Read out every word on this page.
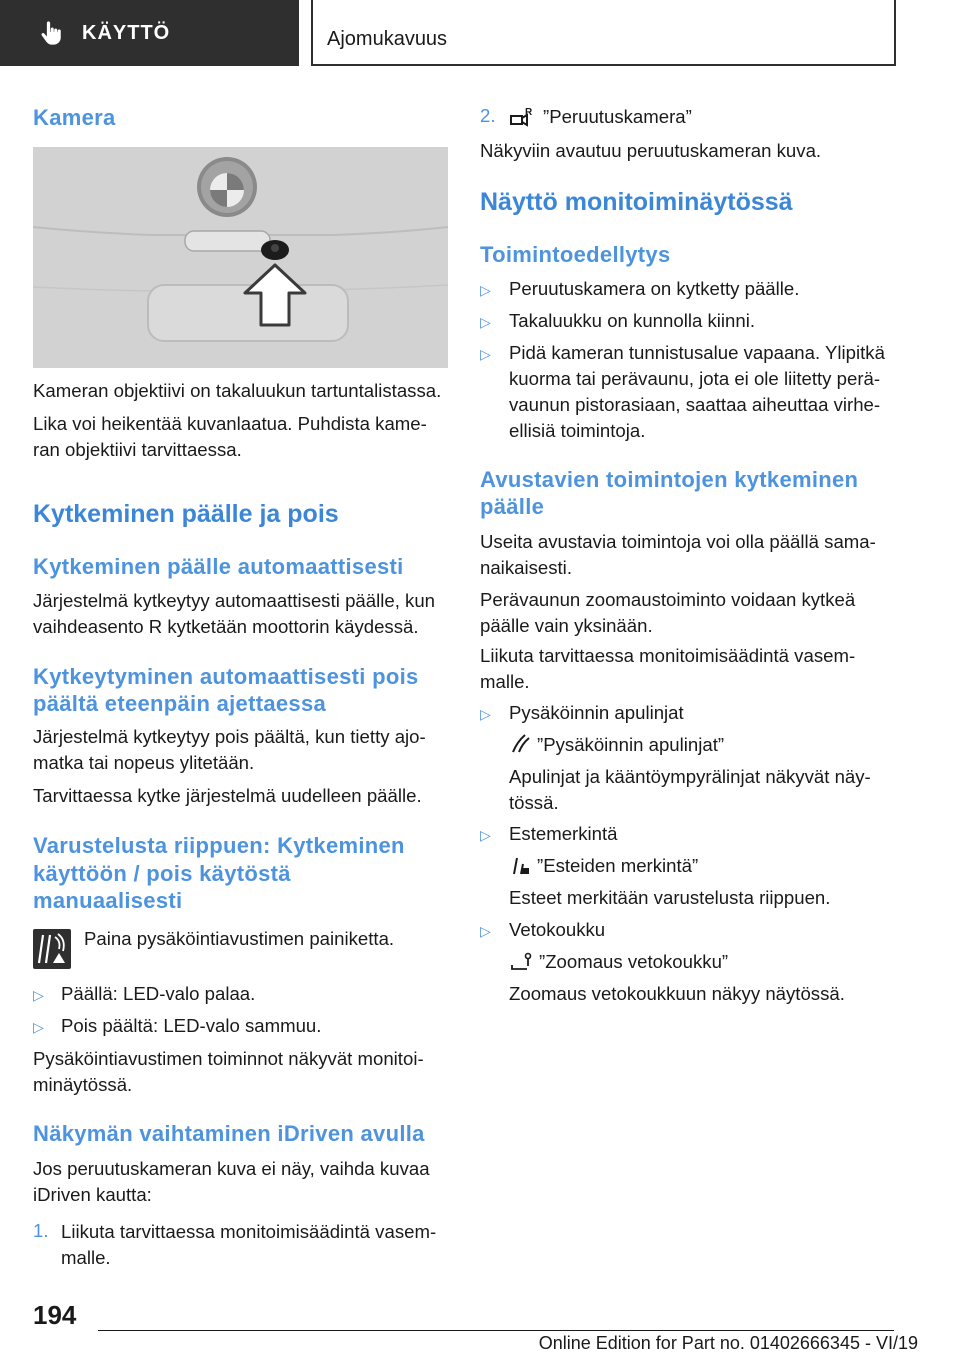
KÄYTTÖ	Ajomukavuus
Kamera
Kameran objektiivi on takaluukun tartuntalistassa.
Lika voi heikentää kuvanlaatua. Puhdista kame‐
ran objektiivi tarvittaessa.
Kytkeminen päälle ja pois
Kytkeminen päälle automaattisesti
Järjestelmä kytkeytyy automaattisesti päälle, kun
vaihdeasento R kytketään moottorin käydessä.
Kytkeytyminen automaattisesti pois
päältä eteenpäin ajettaessa
Järjestelmä kytkeytyy pois päältä, kun tietty ajo‐
matka tai nopeus ylitetään.
Tarvittaessa kytke järjestelmä uudelleen päälle.
Varustelusta riippuen: Kytkeminen
käyttöön / pois käytöstä
manuaalisesti
Paina pysäköintiavustimen painiketta.
▷ Päällä: LED-valo palaa.
▷ Pois päältä: LED-valo sammuu.
Pysäköintiavustimen toiminnot näkyvät monitoi‐
minäytössä.
Näkymän vaihtaminen iDriven avulla
Jos peruutuskameran kuva ei näy, vaihda kuvaa
iDriven kautta:
1. Liikuta tarvittaessa monitoimisäädintä vasem‐
malle.
2.	R ”Peruutuskamera”
Näkyviin avautuu peruutuskameran kuva.
Näyttö monitoiminäytössä
Toimintoedellytys
▷ Peruutuskamera on kytketty päälle.
▷ Takaluukku on kunnolla kiinni.
▷ Pidä kameran tunnistusalue vapaana. Ylipitkä
kuorma tai perävaunu, jota ei ole liitetty perä‐
vaunun pistorasiaan, saattaa aiheuttaa virhe‐
ellisiä toimintoja.
Avustavien toimintojen kytkeminen
päälle
Useita avustavia toimintoja voi olla päällä sama‐
naikaisesti.
Perävaunun zoomaustoiminto voidaan kytkeä
päälle vain yksinään.
Liikuta tarvittaessa monitoimisäädintä vasem‐
malle.
▷ Pysäköinnin apulinjat
”Pysäköinnin apulinjat”
Apulinjat ja kääntöympyrälinjat näkyvät näy‐
tössä.
▷ Estemerkintä
”Esteiden merkintä”
Esteet merkitään varustelusta riippuen.
▷ Vetokoukku
”Zoomaus vetokoukku”
Zoomaus vetokoukkuun näkyy näytössä.
194
Online Edition for Part no. 01402666345 - VI/19
